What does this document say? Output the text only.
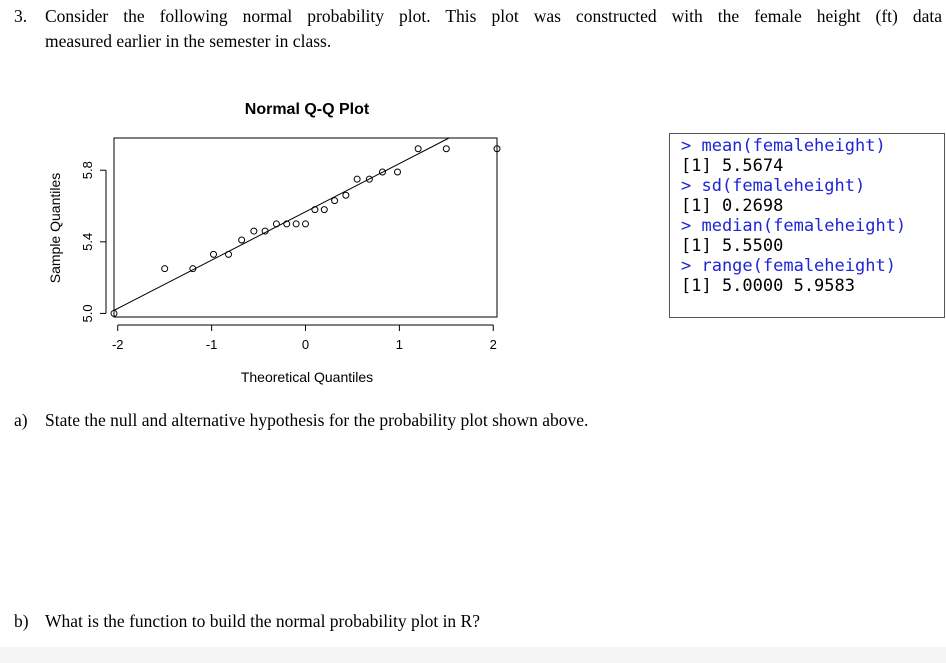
3. Consider the following normal probability plot. This plot was constructed with the female height (ft) data
measured earlier in the semester in class.
Normal Q-Q Plot
-2	-1	0	1	2
5.0
5.4
5.8
Theoretical Quantiles
Sample Quantiles
> mean(femaleheight)
[1] 5.5674
> sd(femaleheight)
[1] 0.2698
> median(femaleheight)
[1] 5.5500
> range(femaleheight)
[1] 5.0000 5.9583
a) State the null and alternative hypothesis for the probability plot shown above.
b) What is the function to build the normal probability plot in R?
